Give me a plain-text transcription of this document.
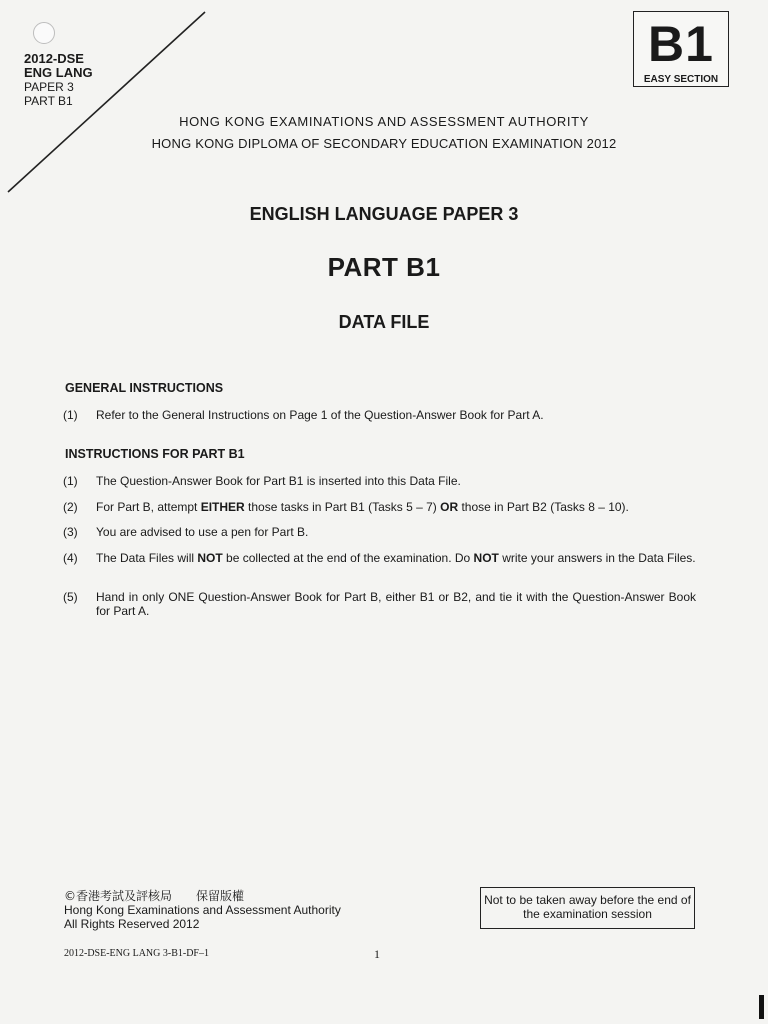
2012-DSE
ENG LANG
PAPER 3
PART B1
B1
EASY SECTION
HONG KONG EXAMINATIONS AND ASSESSMENT AUTHORITY
HONG KONG DIPLOMA OF SECONDARY EDUCATION EXAMINATION 2012
ENGLISH LANGUAGE PAPER 3
PART B1
DATA FILE
GENERAL INSTRUCTIONS
(1) Refer to the General Instructions on Page 1 of the Question-Answer Book for Part A.
INSTRUCTIONS FOR PART B1
(1) The Question-Answer Book for Part B1 is inserted into this Data File.
(2) For Part B, attempt EITHER those tasks in Part B1 (Tasks 5 – 7) OR those in Part B2 (Tasks 8 – 10).
(3) You are advised to use a pen for Part B.
(4) The Data Files will NOT be collected at the end of the examination. Do NOT write your answers in the Data Files.
(5) Hand in only ONE Question-Answer Book for Part B, either B1 or B2, and tie it with the Question-Answer Book for Part A.
©香港考試及評核局　　保留版權
Hong Kong Examinations and Assessment Authority
All Rights Reserved 2012
Not to be taken away before the end of the examination session
2012-DSE-ENG LANG 3-B1-DF–1	1
